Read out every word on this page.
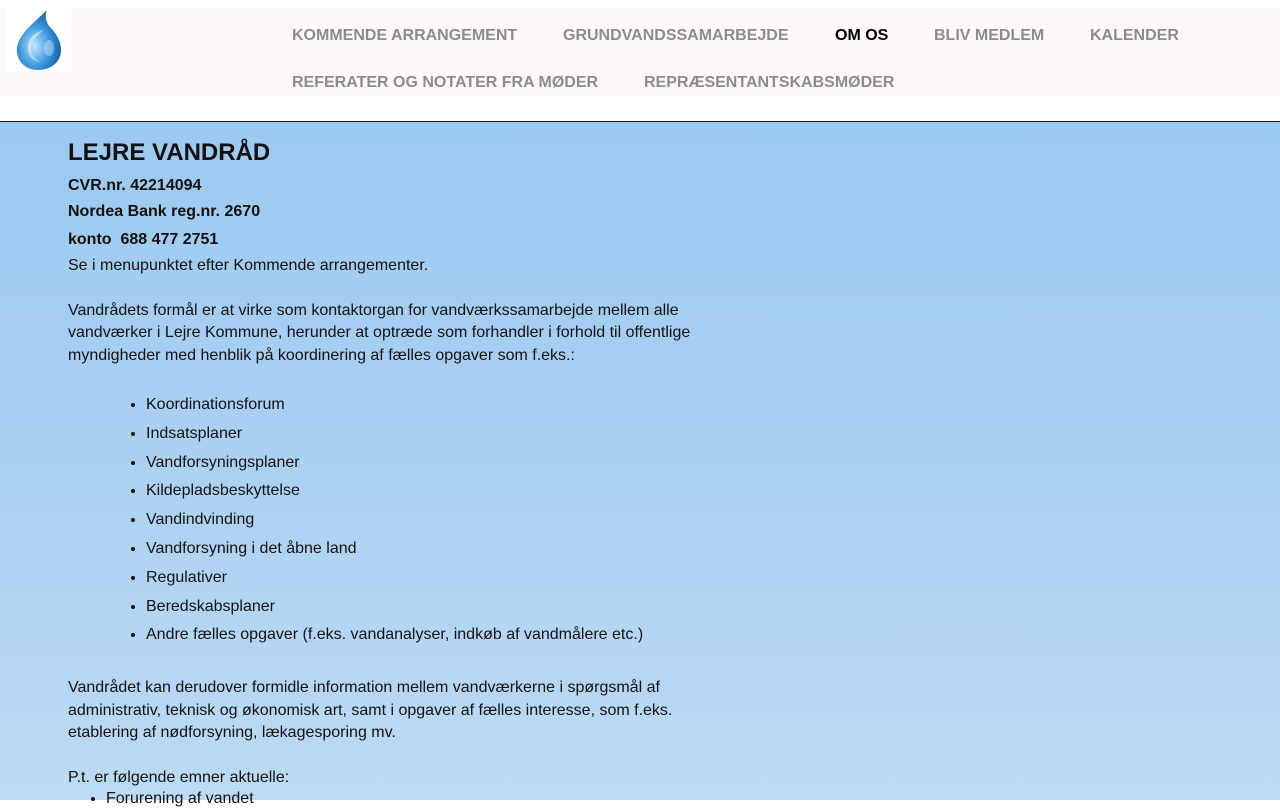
KOMMENDE ARRANGEMENT	GRUNDVANDSSAMARBEJDE	OM OS	BLIV MEDLEM	KALENDER
REFERATER OG NOTATER FRA MØDER	REPRÆSENTANTSKABSMØDER
LEJRE VANDRÅD
CVR.nr. 42214094
Nordea Bank reg.nr. 2670
konto  688 477 2751

Se i menupunktet efter Kommende arrangementer.

Vandrådets formål er at virke som kontaktorgan for vandværkssamarbejde mellem alle vandværker i Lejre Kommune, herunder at optræde som forhandler i forhold til offentlige myndigheder med henblik på koordinering af fælles opgaver som f.eks.:

• Koordinationsforum
• Indsatsplaner
• Vandforsyningsplaner
• Kildepladsbeskyttelse
• Vandindvinding
• Vandforsyning i det åbne land
• Regulativer
• Beredskabsplaner
• Andre fælles opgaver (f.eks. vandanalyser, indkøb af vandmålere etc.)

Vandrådet kan derudover formidle information mellem vandværkerne i spørgsmål af administrativ, teknisk og økonomisk art, samt i opgaver af fælles interesse, som f.eks. etablering af nødforsyning, lækagesporing mv.

P.t. er følgende emner aktuelle:

• Forurening af vandet
